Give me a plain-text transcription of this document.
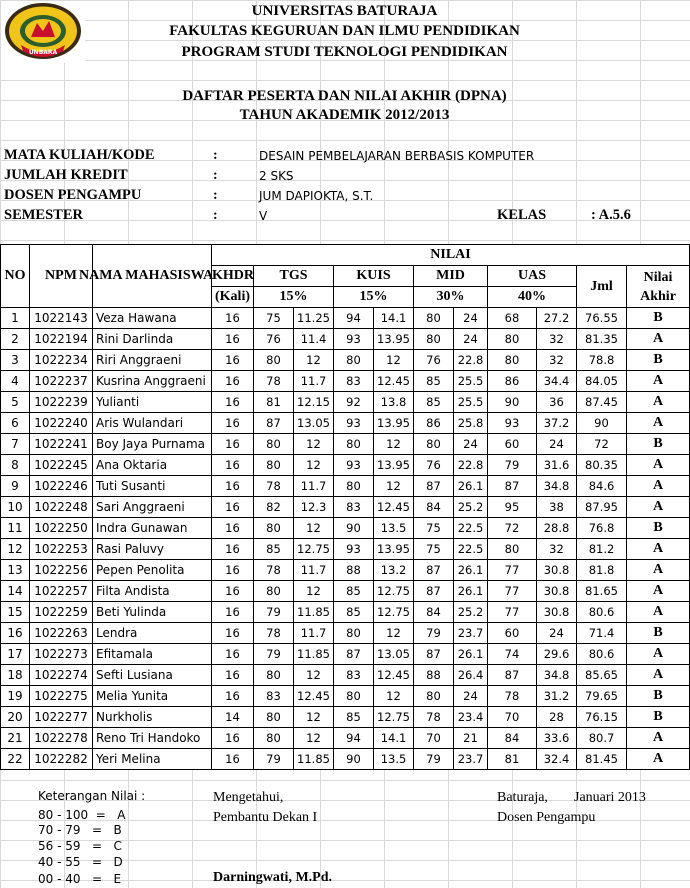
UNBARA
UNIVERSITAS BATURAJA
FAKULTAS KEGURUAN DAN ILMU PENDIDIKAN
PROGRAM STUDI TEKNOLOGI PENDIDIKAN
DAFTAR PESERTA DAN NILAI AKHIR (DPNA)
TAHUN AKADEMIK 2012/2013
MATA KULIAH/KODE	:	DESAIN PEMBELAJARAN BERBASIS KOMPUTER
JUMLAH KREDIT	:	2 SKS
DOSEN PENGAMPU	:	JUM DAPIOKTA, S.T.
SEMESTER	:	V	KELAS	: A.5.6
NO	NPM	NAMA MAHASISWA	NILAI										
			KHDR	TGS		KUIS		MID		UAS		Jml	Nilai
Akhir
			(Kali)	15%		15%		30%		40%			
1	1022143	Veza Hawana	16	75	11.25	94	14.1	80	24	68	27.2	76.55	B
2	1022194	Rini Darlinda	16	76	11.4	93	13.95	80	24	80	32	81.35	A
3	1022234	Riri Anggraeni	16	80	12	80	12	76	22.8	80	32	78.8	B
4	1022237	Kusrina Anggraeni	16	78	11.7	83	12.45	85	25.5	86	34.4	84.05	A
5	1022239	Yulianti	16	81	12.15	92	13.8	85	25.5	90	36	87.45	A
6	1022240	Aris Wulandari	16	87	13.05	93	13.95	86	25.8	93	37.2	90	A
7	1022241	Boy Jaya Purnama	16	80	12	80	12	80	24	60	24	72	B
8	1022245	Ana Oktaria	16	80	12	93	13.95	76	22.8	79	31.6	80.35	A
9	1022246	Tuti Susanti	16	78	11.7	80	12	87	26.1	87	34.8	84.6	A
10	1022248	Sari Anggraeni	16	82	12.3	83	12.45	84	25.2	95	38	87.95	A
11	1022250	Indra Gunawan	16	80	12	90	13.5	75	22.5	72	28.8	76.8	B
12	1022253	Rasi Paluvy	16	85	12.75	93	13.95	75	22.5	80	32	81.2	A
13	1022256	Pepen Penolita	16	78	11.7	88	13.2	87	26.1	77	30.8	81.8	A
14	1022257	Filta Andista	16	80	12	85	12.75	87	26.1	77	30.8	81.65	A
15	1022259	Beti Yulinda	16	79	11.85	85	12.75	84	25.2	77	30.8	80.6	A
16	1022263	Lendra	16	78	11.7	80	12	79	23.7	60	24	71.4	B
17	1022273	Efitamala	16	79	11.85	87	13.05	87	26.1	74	29.6	80.6	A
18	1022274	Sefti Lusiana	16	80	12	83	12.45	88	26.4	87	34.8	85.65	A
19	1022275	Melia Yunita	16	83	12.45	80	12	80	24	78	31.2	79.65	B
20	1022277	Nurkholis	14	80	12	85	12.75	78	23.4	70	28	76.15	B
21	1022278	Reno Tri Handoko	16	80	12	94	14.1	70	21	84	33.6	80.7	A
22	1022282	Yeri Melina	16	79	11.85	90	13.5	79	23.7	81	32.4	81.45	A
Keterangan Nilai :
80 - 100  =   A
70 - 79   =   B
56 - 59   =   C
40 - 55   =   D
00 - 40   =   E
Mengetahui,
Pembantu Dekan I
Darningwati, M.Pd.
Baturaja, Januari 2013
Dosen Pengampu
